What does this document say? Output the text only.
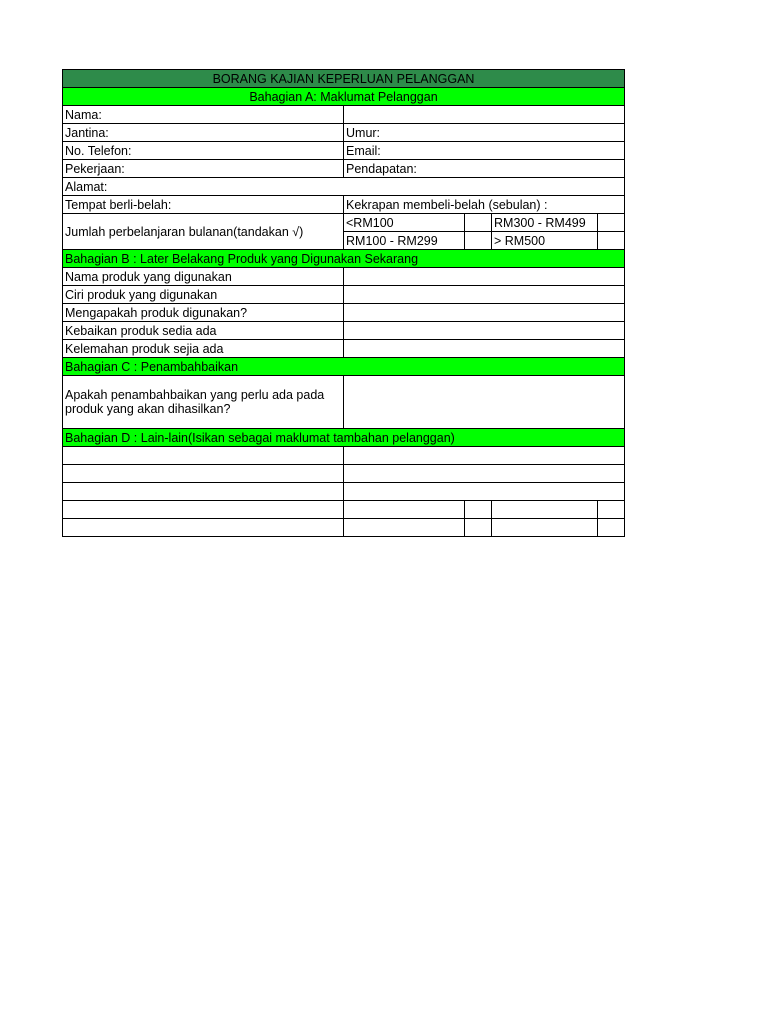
BORANG KAJIAN KEPERLUAN PELANGGAN				
Bahagian A: Maklumat Pelanggan				
Nama:				
Jantina:	Umur:			
No. Telefon:	Email:			
Pekerjaan:	Pendapatan:			
Alamat:				
Tempat berli-belah:	Kekrapan membeli-belah (sebulan) :			
Jumlah perbelanjaran bulanan(tandakan √)	<RM100		RM300 - RM499	
	RM100 - RM299		> RM500	
Bahagian B : Later Belakang Produk yang Digunakan Sekarang				
Nama produk yang digunakan				
Ciri produk yang digunakan				
Mengapakah produk digunakan?				
Kebaikan produk sedia ada				
Kelemahan produk sejia ada				
Bahagian C : Penambahbaikan				
Apakah penambahbaikan yang perlu ada pada produk yang akan dihasilkan?				
Bahagian D : Lain-lain(Isikan sebagai maklumat tambahan pelanggan)				
